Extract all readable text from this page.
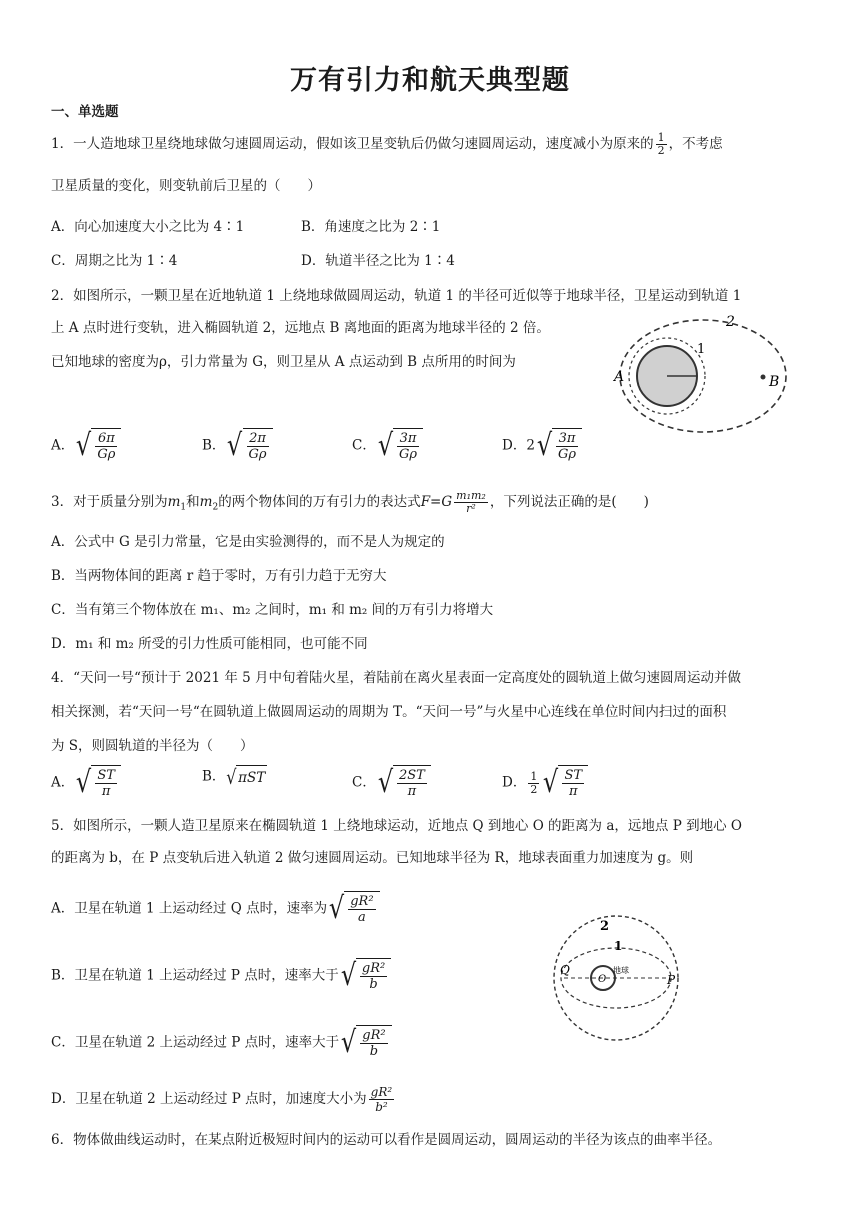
万有引力和航天典型题
一、单选题
1．一人造地球卫星绕地球做匀速圆周运动，假如该卫星变轨后仍做匀速圆周运动，速度减小为原来的 $\frac{1}{2}$ ，不考虑
卫星质量的变化，则变轨前后卫星的（　　）
A．向心加速度大小之比为 4∶1	B．角速度之比为 2∶1
C．周期之比为 1∶4	D．轨道半径之比为 1∶4
2．如图所示，一颗卫星在近地轨道 1 上绕地球做圆周运动，轨道 1 的半径可近似等于地球半径，卫星运动到轨道 1
上 A 点时进行变轨，进入椭圆轨道 2，远地点 B 离地面的距离为地球半径的 2 倍。
已知地球的密度为ρ，引力常量为 G，则卫星从 A 点运动到 B 点所用的时间为
A	B
1
2
A． √ $\frac{6\pi}{G\rho}$	B． √ $\frac{2\pi}{G\rho}$	C． √ $\frac{3\pi}{G\rho}$	D．2 √ $\frac{3\pi}{G\rho}$
3．对于质量分别为$m_1$和$m_2$的两个物体间的万有引力的表达式$F=G \frac{\text{m₁m₂}}{\text{r²}}$ ，下列说法正确的是(　　)
A．公式中 G 是引力常量，它是由实验测得的，而不是人为规定的
B．当两物体间的距离 r 趋于零时，万有引力趋于无穷大
C．当有第三个物体放在 m₁、m₂ 之间时，m₁ 和 m₂ 间的万有引力将增大
D．m₁ 和 m₂ 所受的引力性质可能相同，也可能不同
4．“天问一号“预计于 2021 年 5 月中旬着陆火星，着陆前在离火星表面一定高度处的圆轨道上做匀速圆周运动并做
相关探测，若“天问一号“在圆轨道上做圆周运动的周期为 T。“天问一号”与火星中心连线在单位时间内扫过的面积
为 S，则圆轨道的半径为（　　）
A． √ $\frac{ST}{\pi}$	B． √ πST	C． √ $\frac{2ST}{\pi}$	D． $\frac{1}{2}$ √ $\frac{ST}{\pi}$
5．如图所示，一颗人造卫星原来在椭圆轨道 1 上绕地球运动，近地点 Q 到地心 O 的距离为 a，远地点 P 到地心 O
的距离为 b，在 P 点变轨后进入轨道 2 做匀速圆周运动。已知地球半径为 R，地球表面重力加速度为 g。则
A．卫星在轨道 1 上运动经过 Q 点时，速率为 √ $\frac{\text{gR²}}{a}$
B．卫星在轨道 1 上运动经过 P 点时，速率大于 √ $\frac{\text{gR²}}{b}$
C．卫星在轨道 2 上运动经过 P 点时，速率大于 √ $\frac{\text{gR²}}{b}$
D．卫星在轨道 2 上运动经过 P 点时，加速度大小为 $\frac{\text{gR²}}{\text{b²}}$
2
1
Q
O
地球
P
6．物体做曲线运动时，在某点附近极短时间内的运动可以看作是圆周运动，圆周运动的半径为该点的曲率半径。
